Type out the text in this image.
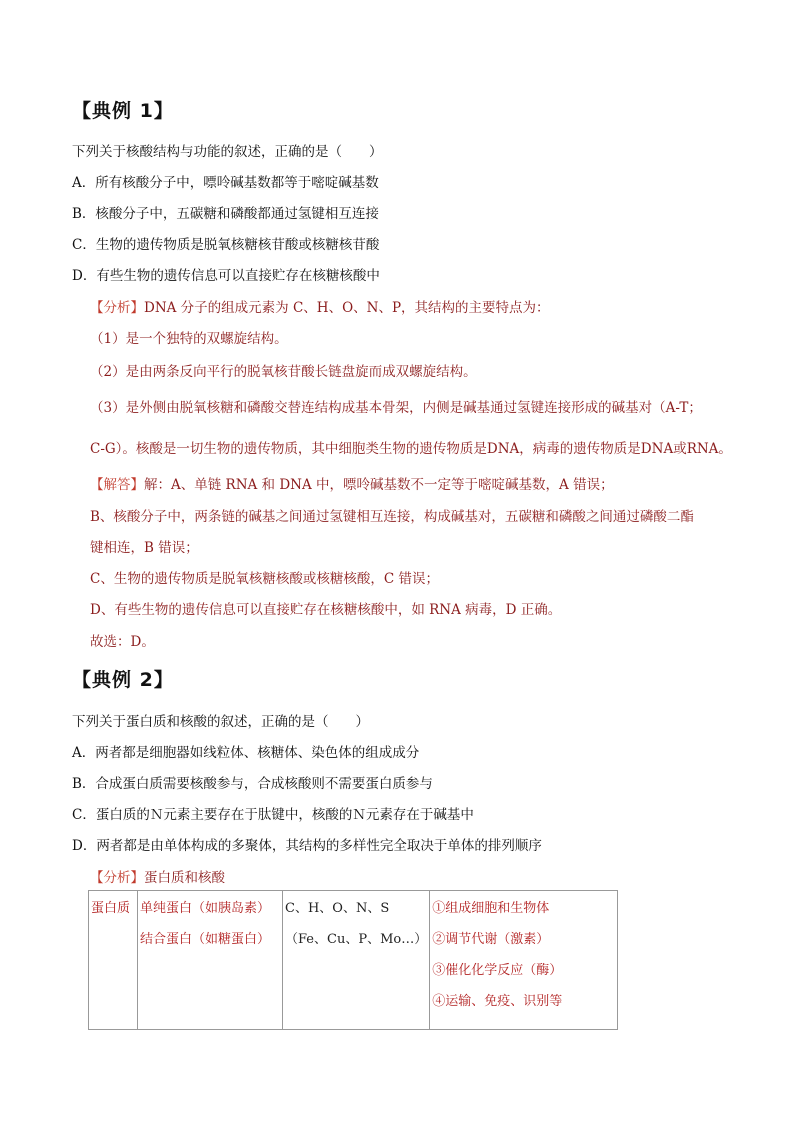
【典例 1】
下列关于核酸结构与功能的叙述，正确的是（　　）
A．所有核酸分子中，嘌呤碱基数都等于嘧啶碱基数
B．核酸分子中，五碳糖和磷酸都通过氢键相互连接
C．生物的遗传物质是脱氧核糖核苷酸或核糖核苷酸
D．有些生物的遗传信息可以直接贮存在核糖核酸中
【分析】DNA 分子的组成元素为 C、H、O、N、P，其结构的主要特点为：
（1）是一个独特的双螺旋结构。
（2）是由两条反向平行的脱氧核苷酸长链盘旋而成双螺旋结构。
（3）是外侧由脱氧核糖和磷酸交替连结构成基本骨架，内侧是碱基通过氢键连接形成的碱基对（A-T；
C-G）。核酸是一切生物的遗传物质，其中细胞类生物的遗传物质是DNA，病毒的遗传物质是DNA或RNA。
【解答】解：A、单链 RNA 和 DNA 中，嘌呤碱基数不一定等于嘧啶碱基数，A 错误；
B、核酸分子中，两条链的碱基之间通过氢键相互连接，构成碱基对，五碳糖和磷酸之间通过磷酸二酯
键相连，B 错误；
C、生物的遗传物质是脱氧核糖核酸或核糖核酸，C 错误；
D、有些生物的遗传信息可以直接贮存在核糖核酸中，如 RNA 病毒，D 正确。
故选：D。
【典例 2】
下列关于蛋白质和核酸的叙述，正确的是（　　）
A．两者都是细胞器如线粒体、核糖体、染色体的组成成分
B．合成蛋白质需要核酸参与，合成核酸则不需要蛋白质参与
C．蛋白质的Ｎ元素主要存在于肽键中，核酸的Ｎ元素存在于碱基中
D．两者都是由单体构成的多聚体，其结构的多样性完全取决于单体的排列顺序
【分析】蛋白质和核酸
蛋白质	单纯蛋白（如胰岛素）
结合蛋白（如糖蛋白）

C、H、O、N、S
（Fe、Cu、P、Mo…）

①组成细胞和生物体
②调节代谢（激素）
③催化化学反应（酶）
④运输、免疫、识别等
